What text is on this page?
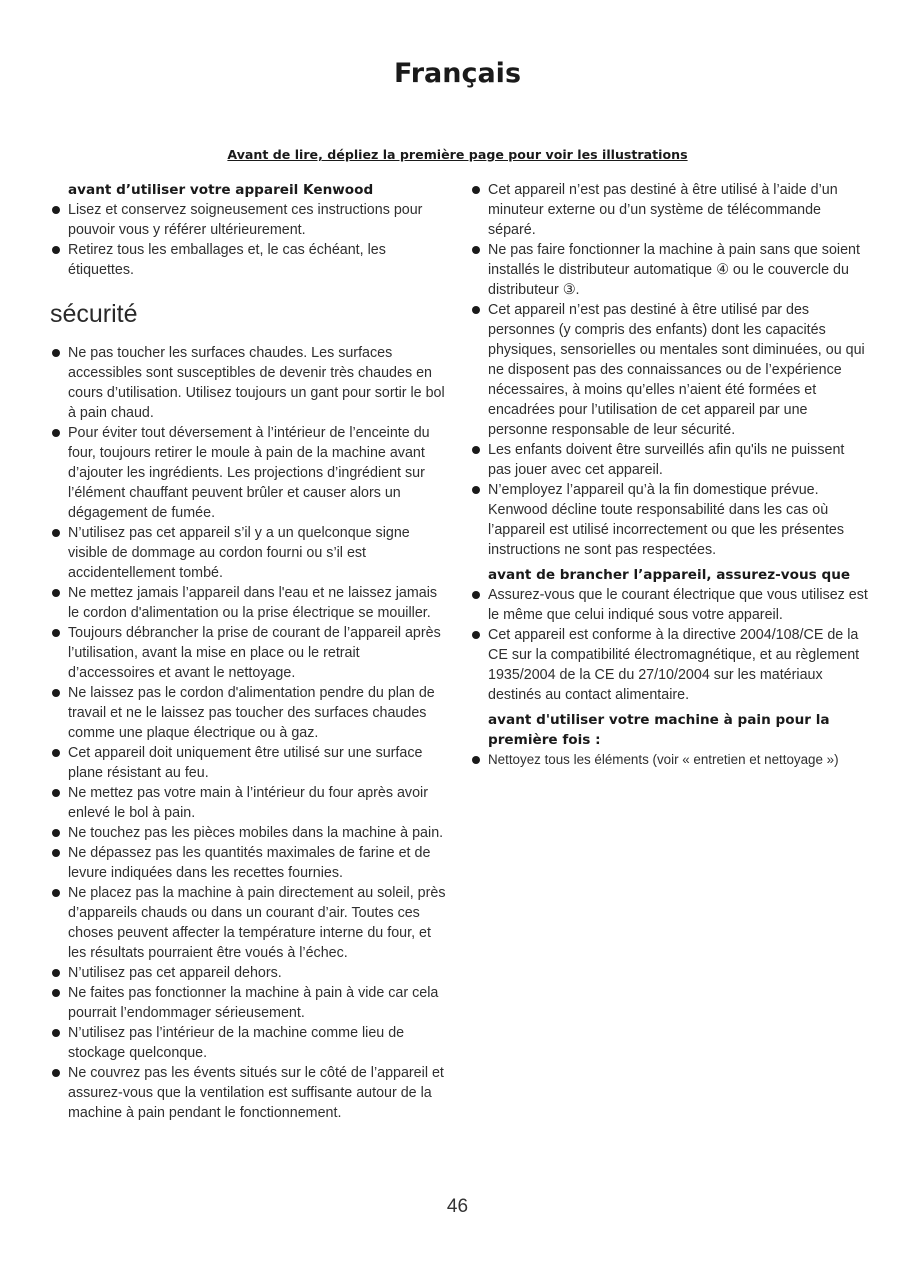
Français

Avant de lire, dépliez la première page pour voir les illustrations

avant d’utiliser votre appareil Kenwood

Lisez et conservez soigneusement ces instructions pour pouvoir vous y référer ultérieurement.
Retirez tous les emballages et, le cas échéant, les étiquettes.
sécurité
Ne pas toucher les surfaces chaudes. Les surfaces accessibles sont susceptibles de devenir très chaudes en cours d’utilisation. Utilisez toujours un gant pour sortir le bol à pain chaud.
Pour éviter tout déversement à l’intérieur de l’enceinte du four, toujours retirer le moule à pain de la machine avant d’ajouter les ingrédients. Les projections d’ingrédient sur l’élément chauffant peuvent brûler et causer alors un dégagement de fumée.
N’utilisez pas cet appareil s’il y a un quelconque signe visible de dommage au cordon fourni ou s’il est accidentellement tombé.
Ne mettez jamais l’appareil dans l'eau et ne laissez jamais le cordon d'alimentation ou la prise électrique se mouiller.
Toujours débrancher la prise de courant de l’appareil après l’utilisation, avant la mise en place ou le retrait d’accessoires et avant le nettoyage.
Ne laissez pas le cordon d'alimentation pendre du plan de travail et ne le laissez pas toucher des surfaces chaudes comme une plaque électrique ou à gaz.
Cet appareil doit uniquement être utilisé sur une surface plane résistant au feu.
Ne mettez pas votre main à l’intérieur du four après avoir enlevé le bol à pain.
Ne touchez pas les pièces mobiles dans la machine à pain.
Ne dépassez pas les quantités maximales de farine et de levure indiquées dans les recettes fournies.
Ne placez pas la machine à pain directement au soleil, près d’appareils chauds ou dans un courant d’air. Toutes ces choses peuvent affecter la température interne du four, et les résultats pourraient être voués à l’échec.
N’utilisez pas cet appareil dehors.
Ne faites pas fonctionner la machine à pain à vide car cela pourrait l’endommager sérieusement.
N’utilisez pas l’intérieur de la machine comme lieu de stockage quelconque.
Ne couvrez pas les évents situés sur le côté de l’appareil et assurez-vous que la ventilation est suffisante autour de la machine à pain pendant le fonctionnement.
Cet appareil n’est pas destiné à être utilisé à l’aide d’un minuteur externe ou d’un système de télécommande séparé.
Ne pas faire fonctionner la machine à pain sans que soient installés le distributeur automatique ④ ou le couvercle du distributeur ③.
Cet appareil n’est pas destiné à être utilisé par des personnes (y compris des enfants) dont les capacités physiques, sensorielles ou mentales sont diminuées, ou qui ne disposent pas des connaissances ou de l’expérience nécessaires, à moins qu’elles n’aient été formées et encadrées pour l’utilisation de cet appareil par une personne responsable de leur sécurité.
Les enfants doivent être surveillés afin qu'ils ne puissent pas jouer avec cet appareil.
N’employez l’appareil qu’à la fin domestique prévue. Kenwood décline toute responsabilité dans les cas où l’appareil est utilisé incorrectement ou que les présentes instructions ne sont pas respectées.

avant de brancher l’appareil, assurez-vous que

Assurez-vous que le courant électrique que vous utilisez est le même que celui indiqué sous votre appareil.
Cet appareil est conforme à la directive 2004/108/CE de la CE sur la compatibilité électromagnétique, et au règlement 1935/2004 de la CE du 27/10/2004 sur les matériaux destinés au contact alimentaire.

avant d'utiliser votre machine à pain pour la première fois :

Nettoyez tous les éléments (voir « entretien et nettoyage »)

46
